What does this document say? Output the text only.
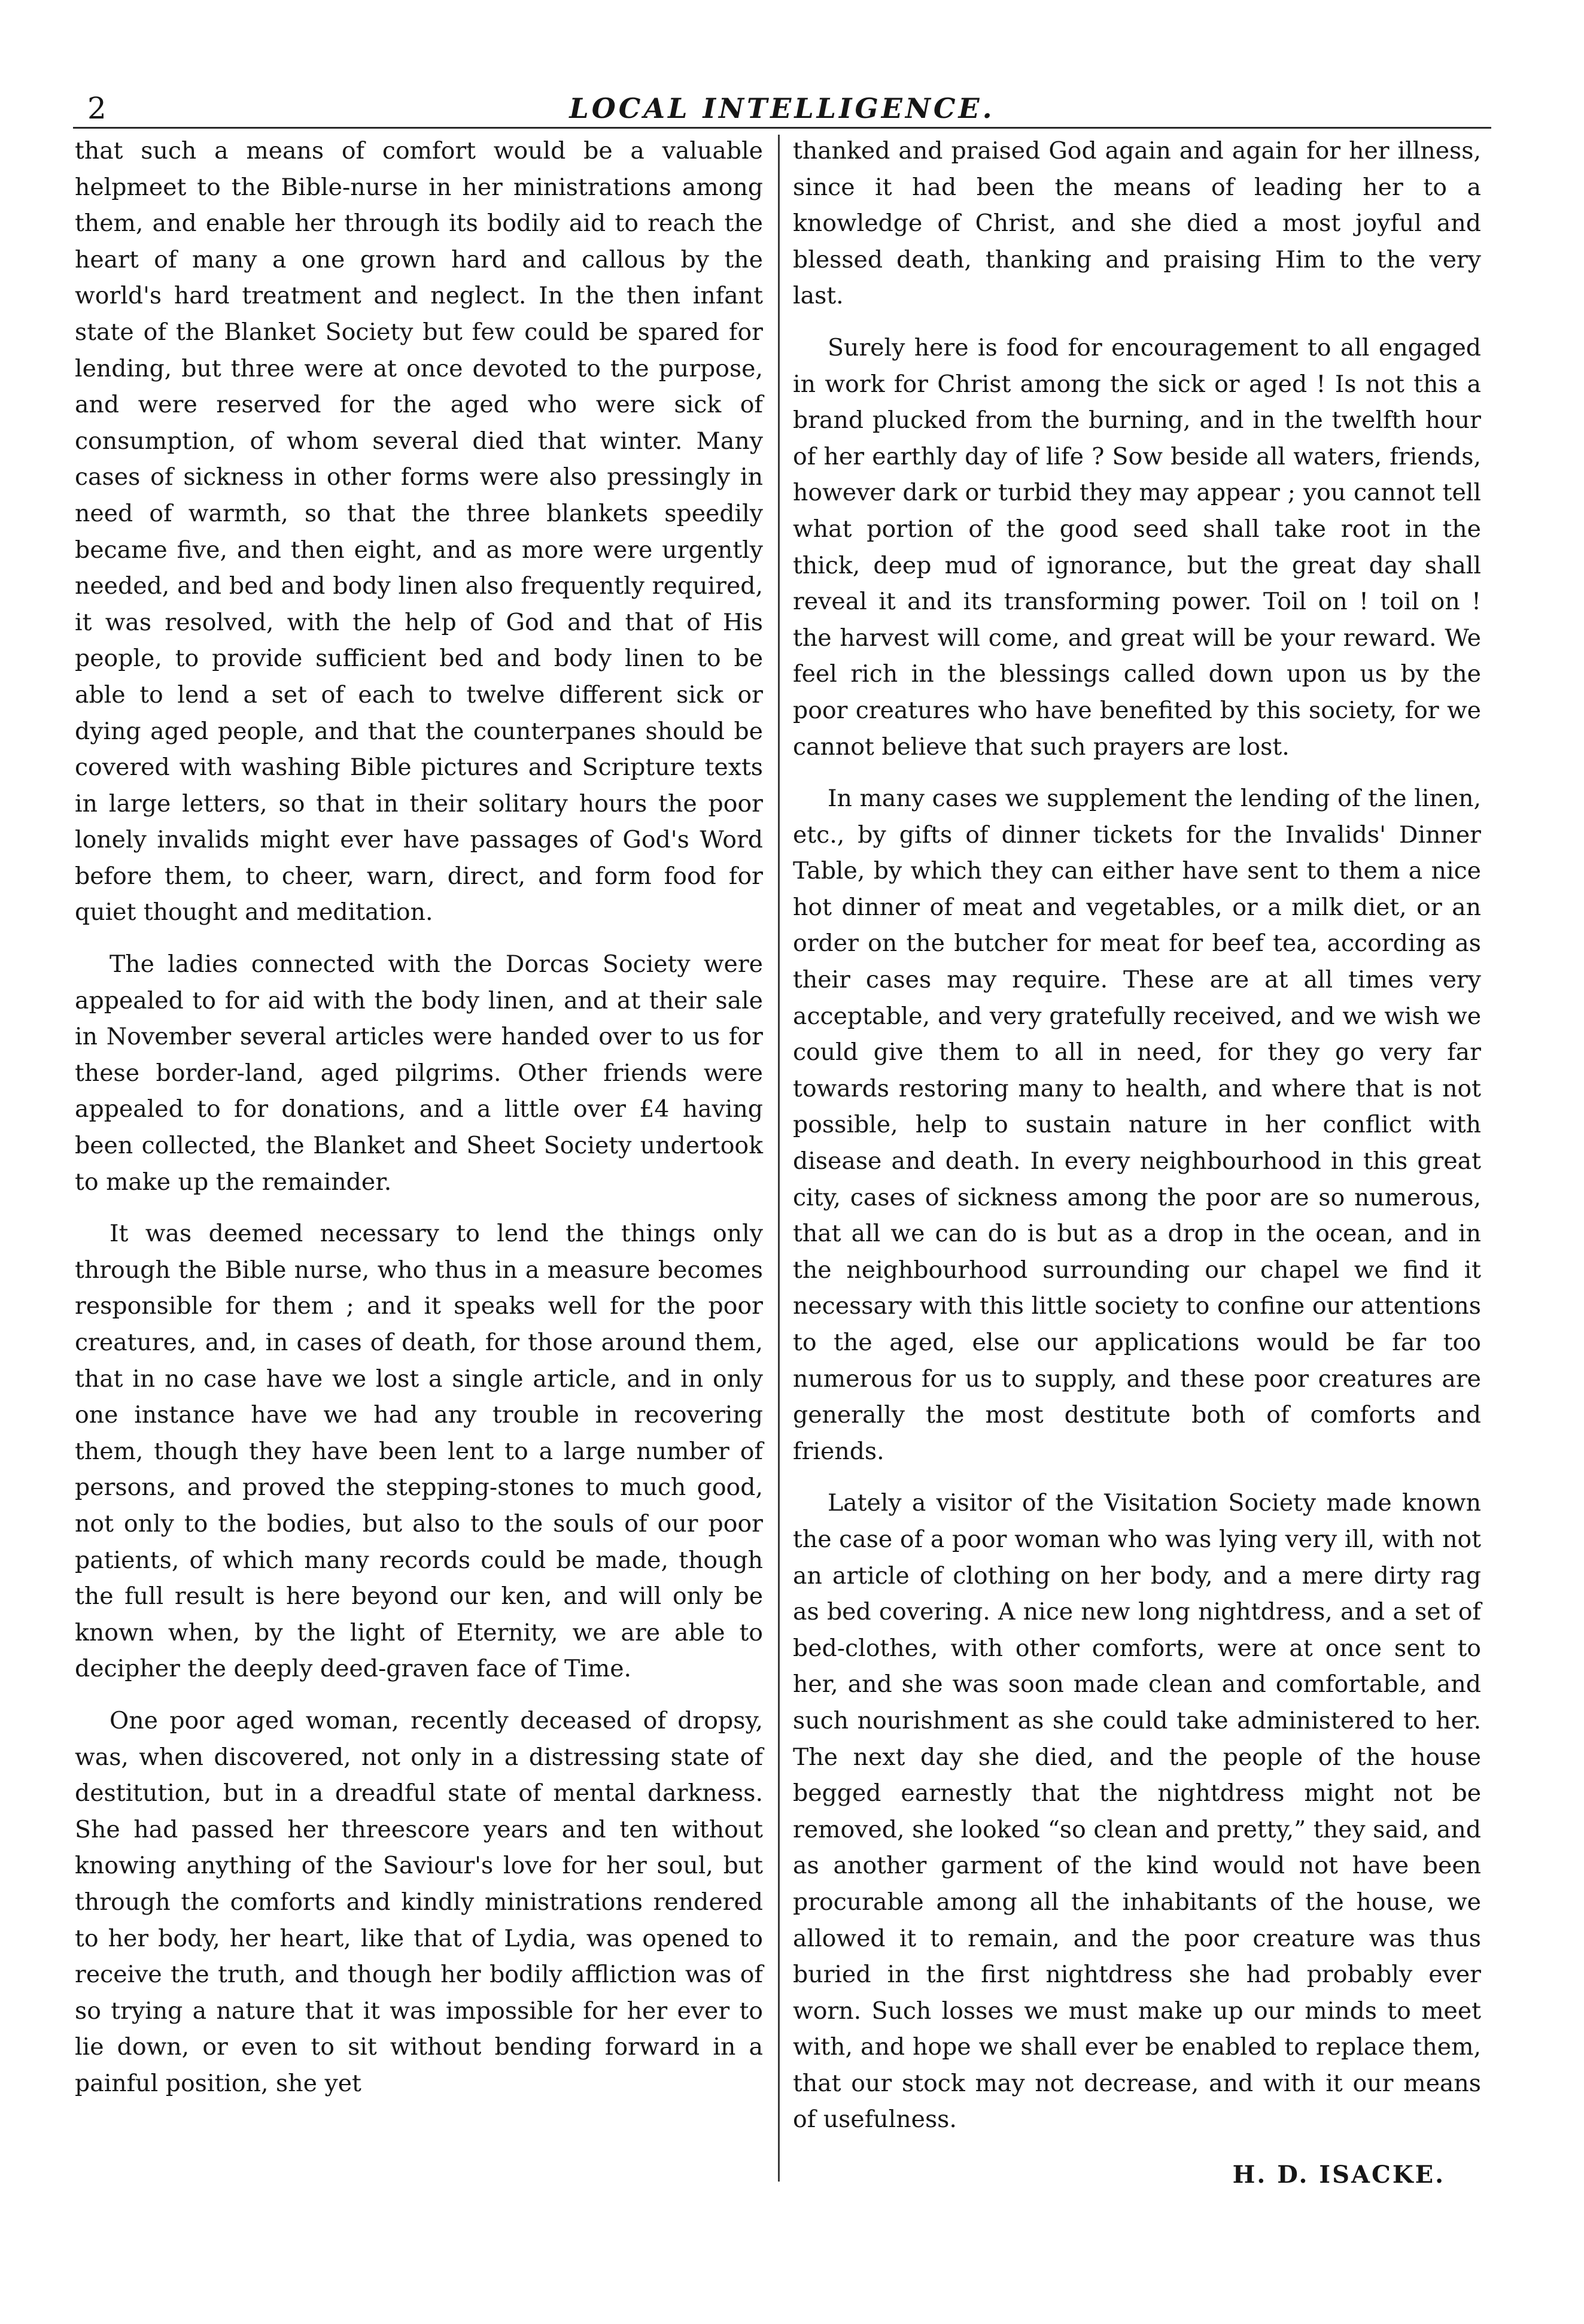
2	LOCAL INTELLIGENCE.

that such a means of comfort would be a valuable helpmeet to the Bible-nurse in her ministrations among them, and enable her through its bodily aid to reach the heart of many a one grown hard and callous by the world's hard treatment and neglect. In the then infant state of the Blanket Society but few could be spared for lending, but three were at once devoted to the purpose, and were reserved for the aged who were sick of consumption, of whom several died that winter. Many cases of sickness in other forms were also pressingly in need of warmth, so that the three blankets speedily became five, and then eight, and as more were urgently needed, and bed and body linen also frequently required, it was resolved, with the help of God and that of His people, to provide sufficient bed and body linen to be able to lend a set of each to twelve different sick or dying aged people, and that the counterpanes should be covered with washing Bible pictures and Scripture texts in large letters, so that in their solitary hours the poor lonely invalids might ever have passages of God's Word before them, to cheer, warn, direct, and form food for quiet thought and meditation.

The ladies connected with the Dorcas Society were appealed to for aid with the body linen, and at their sale in November several articles were handed over to us for these border-land, aged pilgrims. Other friends were appealed to for donations, and a little over £4 having been collected, the Blanket and Sheet Society undertook to make up the remainder.

It was deemed necessary to lend the things only through the Bible nurse, who thus in a measure becomes responsible for them ; and it speaks well for the poor creatures, and, in cases of death, for those around them, that in no case have we lost a single article, and in only one instance have we had any trouble in recovering them, though they have been lent to a large number of persons, and proved the stepping-stones to much good, not only to the bodies, but also to the souls of our poor patients, of which many records could be made, though the full result is here beyond our ken, and will only be known when, by the light of Eternity, we are able to decipher the deeply deed-graven face of Time.

One poor aged woman, recently deceased of dropsy, was, when discovered, not only in a distressing state of destitution, but in a dreadful state of mental darkness. She had passed her threescore years and ten without knowing anything of the Saviour's love for her soul, but through the comforts and kindly ministrations rendered to her body, her heart, like that of Lydia, was opened to receive the truth, and though her bodily affliction was of so trying a nature that it was impossible for her ever to lie down, or even to sit without bending forward in a painful position, she yet

thanked and praised God again and again for her illness, since it had been the means of leading her to a knowledge of Christ, and she died a most joyful and blessed death, thanking and praising Him to the very last.

Surely here is food for encouragement to all engaged in work for Christ among the sick or aged ! Is not this a brand plucked from the burning, and in the twelfth hour of her earthly day of life ? Sow beside all waters, friends, however dark or turbid they may appear ; you cannot tell what portion of the good seed shall take root in the thick, deep mud of ignorance, but the great day shall reveal it and its transforming power. Toil on ! toil on ! the harvest will come, and great will be your reward. We feel rich in the blessings called down upon us by the poor creatures who have benefited by this society, for we cannot believe that such prayers are lost.

In many cases we supplement the lending of the linen, etc., by gifts of dinner tickets for the Invalids' Dinner Table, by which they can either have sent to them a nice hot dinner of meat and vegetables, or a milk diet, or an order on the butcher for meat for beef tea, according as their cases may require. These are at all times very acceptable, and very gratefully received, and we wish we could give them to all in need, for they go very far towards restoring many to health, and where that is not possible, help to sustain nature in her conflict with disease and death. In every neighbourhood in this great city, cases of sickness among the poor are so numerous, that all we can do is but as a drop in the ocean, and in the neighbourhood surrounding our chapel we find it necessary with this little society to confine our attentions to the aged, else our applications would be far too numerous for us to supply, and these poor creatures are generally the most destitute both of comforts and friends.

Lately a visitor of the Visitation Society made known the case of a poor woman who was lying very ill, with not an article of clothing on her body, and a mere dirty rag as bed covering. A nice new long nightdress, and a set of bed-clothes, with other comforts, were at once sent to her, and she was soon made clean and comfortable, and such nourishment as she could take administered to her. The next day she died, and the people of the house begged earnestly that the nightdress might not be removed, she looked “so clean and pretty,” they said, and as another garment of the kind would not have been procurable among all the inhabitants of the house, we allowed it to remain, and the poor creature was thus buried in the first nightdress she had probably ever worn. Such losses we must make up our minds to meet with, and hope we shall ever be enabled to replace them, that our stock may not decrease, and with it our means of usefulness.

H. D. ISACKE.
